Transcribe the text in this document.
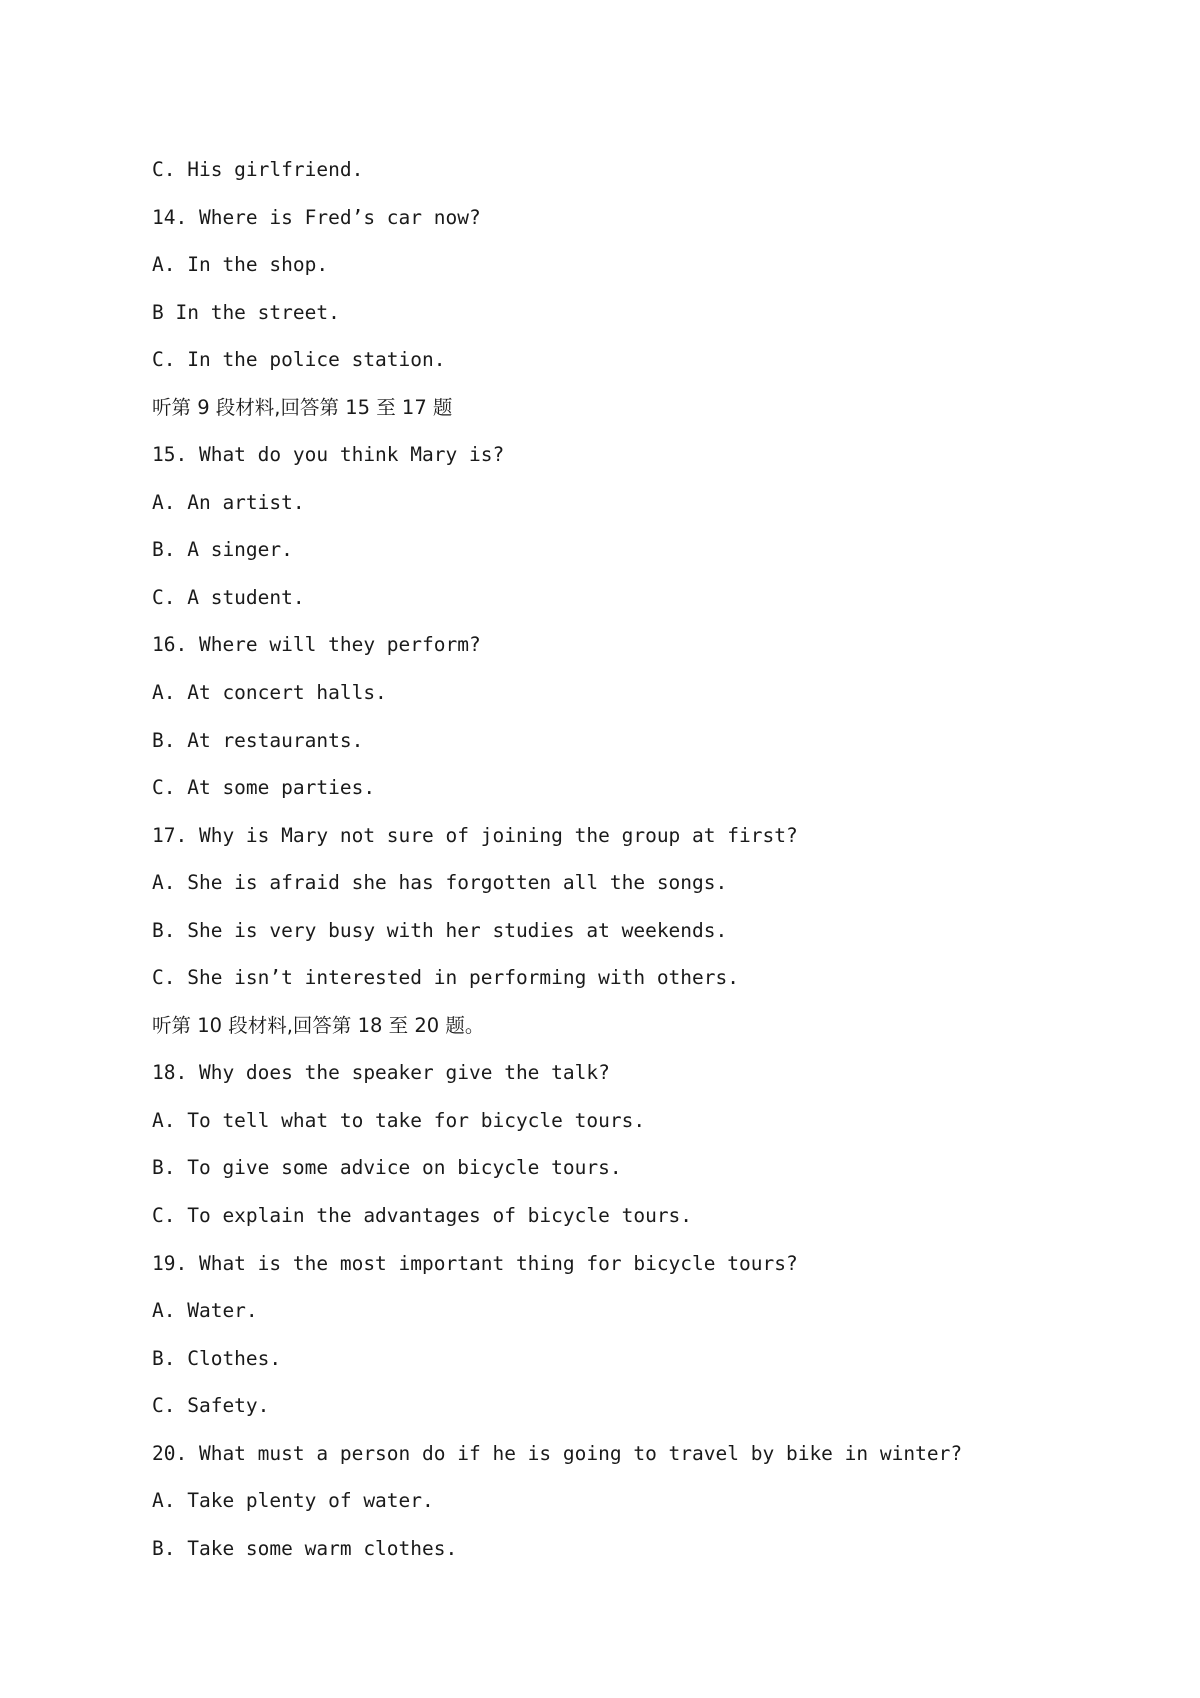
C. His girlfriend.
14. Where is Fred’s car now?
A. In the shop.
B In the street.
C. In the police station.
听第 9 段材料,回答第 15 至 17 题
15. What do you think Mary is?
A. An artist.
B. A singer.
C. A student.
16. Where will they perform?
A. At concert halls.
B. At restaurants.
C. At some parties.
17. Why is Mary not sure of joining the group at first?
A. She is afraid she has forgotten all the songs.
B. She is very busy with her studies at weekends.
C. She isn’t interested in performing with others.
听第 10 段材料,回答第 18 至 20 题。
18. Why does the speaker give the talk?
A. To tell what to take for bicycle tours.
B. To give some advice on bicycle tours.
C. To explain the advantages of bicycle tours.
19. What is the most important thing for bicycle tours?
A. Water.
B. Clothes.
C. Safety.
20. What must a person do if he is going to travel by bike in winter?
A. Take plenty of water.
B. Take some warm clothes.
